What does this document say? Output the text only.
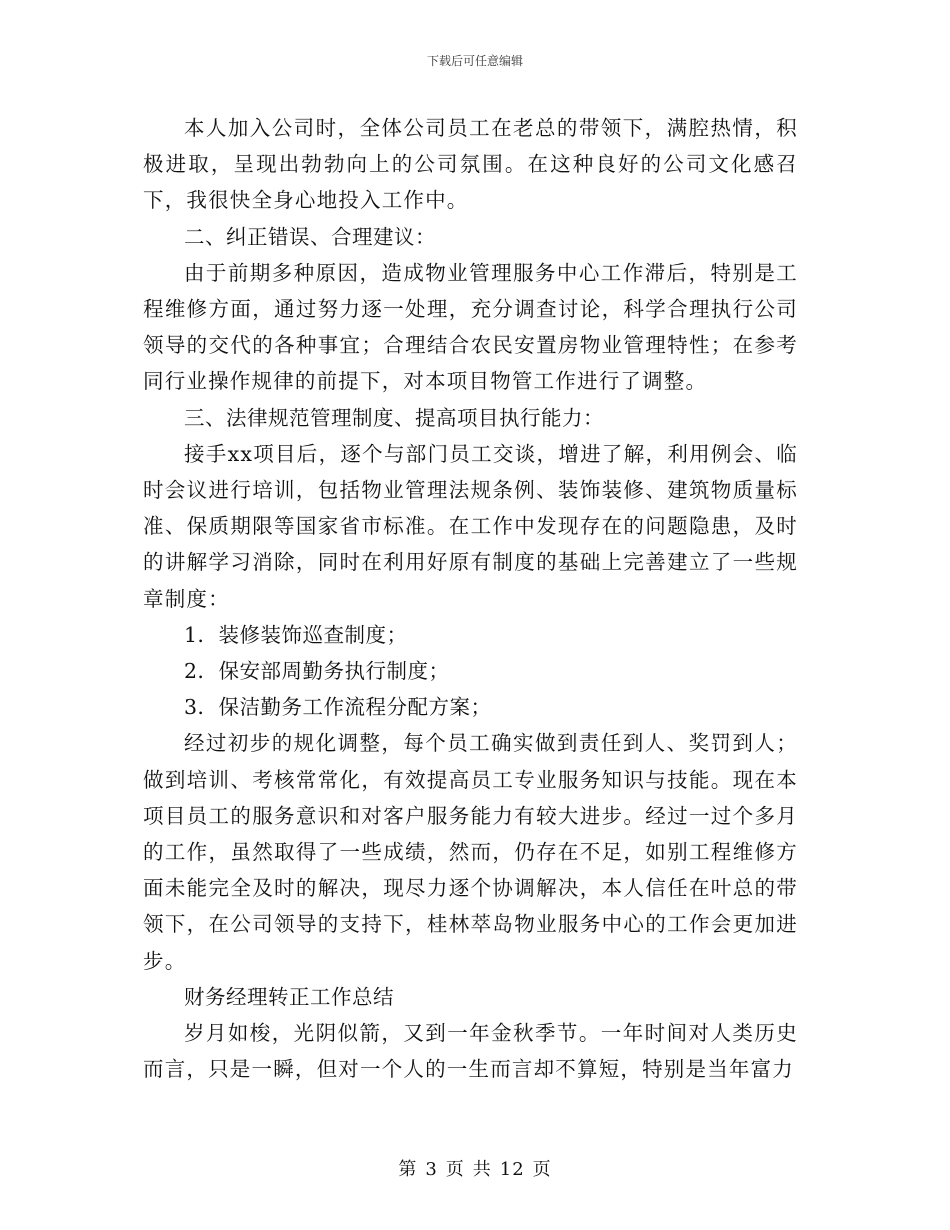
下载后可任意编辑

本人加入公司时，全体公司员工在老总的带领下，满腔热情，积极进取，呈现出勃勃向上的公司氛围。在这种良好的公司文化感召下，我很快全身心地投入工作中。

二、纠正错误、合理建议：

由于前期多种原因，造成物业管理服务中心工作滞后，特别是工程维修方面，通过努力逐一处理，充分调查讨论，科学合理执行公司领导的交代的各种事宜；合理结合农民安置房物业管理特性；在参考同行业操作规律的前提下，对本项目物管工作进行了调整。

三、法律规范管理制度、提高项目执行能力：

接手xx项目后，逐个与部门员工交谈，增进了解，利用例会、临时会议进行培训，包括物业管理法规条例、装饰装修、建筑物质量标准、保质期限等国家省市标准。在工作中发现存在的问题隐患，及时的讲解学习消除，同时在利用好原有制度的基础上完善建立了一些规章制度：

1．装修装饰巡查制度；

2．保安部周勤务执行制度；

3．保洁勤务工作流程分配方案；

经过初步的规化调整，每个员工确实做到责任到人、奖罚到人；做到培训、考核常常化，有效提高员工专业服务知识与技能。现在本项目员工的服务意识和对客户服务能力有较大进步。经过一过个多月的工作，虽然取得了一些成绩，然而，仍存在不足，如别工程维修方面未能完全及时的解决，现尽力逐个协调解决，本人信任在叶总的带领下，在公司领导的支持下，桂林萃岛物业服务中心的工作会更加进步。

财务经理转正工作总结

岁月如梭，光阴似箭，又到一年金秋季节。一年时间对人类历史而言，只是一瞬，但对一个人的一生而言却不算短，特别是当年富力

第 3 页 共 12 页
